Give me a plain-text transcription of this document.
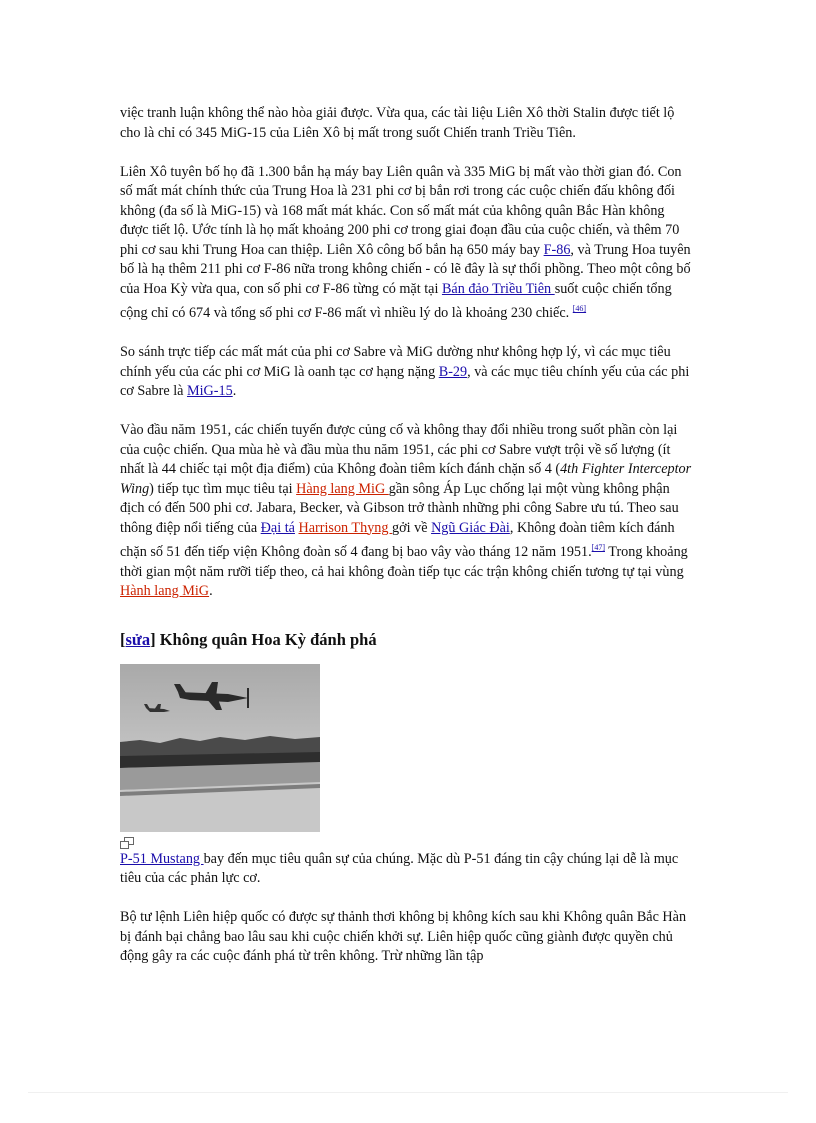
việc tranh luận không thể nào hòa giải được. Vừa qua, các tài liệu Liên Xô thời Stalin được tiết lộ cho là chỉ có 345 MiG-15 của Liên Xô bị mất trong suốt Chiến tranh Triều Tiên.

Liên Xô tuyên bố họ đã 1.300 bắn hạ máy bay Liên quân và 335 MiG bị mất vào thời gian đó. Con số mất mát chính thức của Trung Hoa là 231 phi cơ bị bắn rơi trong các cuộc chiến đấu không đối không (đa số là MiG-15) và 168 mất mát khác. Con số mất mát của không quân Bắc Hàn không được tiết lộ. Ước tính là họ mất khoảng 200 phi cơ trong giai đoạn đầu của cuộc chiến, và thêm 70 phi cơ sau khi Trung Hoa can thiệp. Liên Xô công bố bắn hạ 650 máy bay F-86, và Trung Hoa tuyên bố là hạ thêm 211 phi cơ F-86 nữa trong không chiến - có lẽ đây là sự thổi phồng. Theo một công bố của Hoa Kỳ vừa qua, con số phi cơ F-86 từng có mặt tại Bán đảo Triều Tiên suốt cuộc chiến tổng cộng chỉ có 674 và tổng số phi cơ F-86 mất vì nhiều lý do là khoảng 230 chiếc. [46]

So sánh trực tiếp các mất mát của phi cơ Sabre và MiG dường như không hợp lý, vì các mục tiêu chính yếu của các phi cơ MiG là oanh tạc cơ hạng nặng B-29, và các mục tiêu chính yếu của các phi cơ Sabre là MiG-15.

Vào đầu năm 1951, các chiến tuyến được củng cố và không thay đổi nhiều trong suốt phần còn lại của cuộc chiến. Qua mùa hè và đầu mùa thu năm 1951, các phi cơ Sabre vượt trội về số lượng (ít nhất là 44 chiếc tại một địa điểm) của Không đoàn tiêm kích đánh chặn số 4 (4th Fighter Interceptor Wing) tiếp tục tìm mục tiêu tại Hàng lang MiG gần sông Áp Lục chống lại một vùng không phận địch có đến 500 phi cơ. Jabara, Becker, và Gibson trở thành những phi công Sabre ưu tú. Theo sau thông điệp nổi tiếng của Đại tá Harrison Thyng gởi về Ngũ Giác Đài, Không đoàn tiêm kích đánh chặn số 51 đến tiếp viện Không đoàn số 4 đang bị bao vây vào tháng 12 năm 1951.[47] Trong khoảng thời gian một năm rưỡi tiếp theo, cả hai không đoàn tiếp tục các trận không chiến tương tự tại vùng Hành lang MiG.

[sửa] Không quân Hoa Kỳ đánh phá

P-51 Mustang bay đến mục tiêu quân sự của chúng. Mặc dù P-51 đáng tin cậy chúng lại dễ là mục tiêu của các phản lực cơ.

Bộ tư lệnh Liên hiệp quốc có được sự thảnh thơi không bị không kích sau khi Không quân Bắc Hàn bị đánh bại chẳng bao lâu sau khi cuộc chiến khởi sự. Liên hiệp quốc cũng giành được quyền chủ động gây ra các cuộc đánh phá từ trên không. Trừ những lần tập
